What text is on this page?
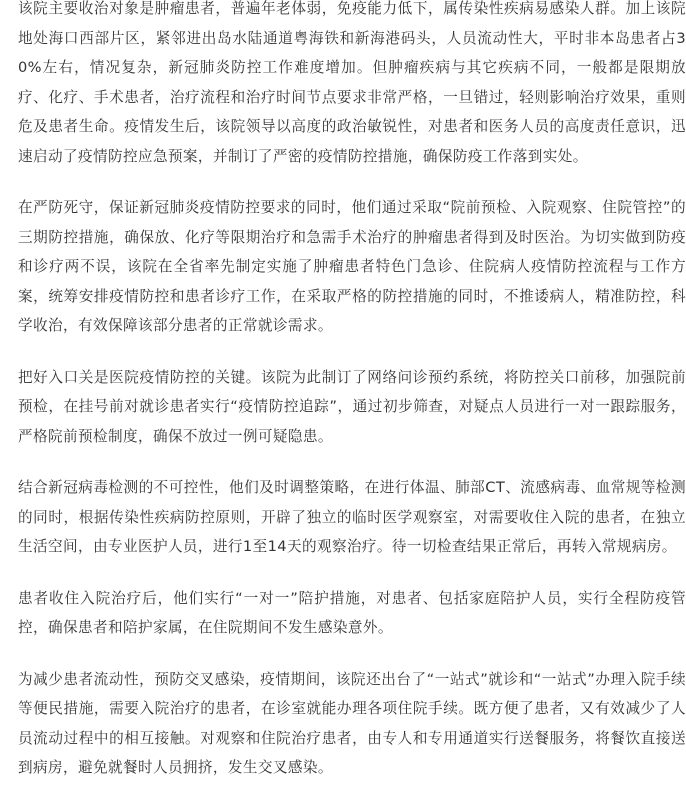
该院主要收治对象是肿瘤患者，普遍年老体弱，免疫能力低下，属传染性疾病易感染人群。加上该院地处海口西部片区，紧邻进出岛水陆通道粤海铁和新海港码头，人员流动性大，平时非本岛患者占30%左右，情况复杂，新冠肺炎防控工作难度增加。但肿瘤疾病与其它疾病不同，一般都是限期放疗、化疗、手术患者，治疗流程和治疗时间节点要求非常严格，一旦错过，轻则影响治疗效果，重则危及患者生命。疫情发生后，该院领导以高度的政治敏锐性，对患者和医务人员的高度责任意识，迅速启动了疫情防控应急预案，并制订了严密的疫情防控措施，确保防疫工作落到实处。

在严防死守，保证新冠肺炎疫情防控要求的同时，他们通过采取“院前预检、入院观察、住院管控”的三期防控措施，确保放、化疗等限期治疗和急需手术治疗的肿瘤患者得到及时医治。为切实做到防疫和诊疗两不误，该院在全省率先制定实施了肿瘤患者特色门急诊、住院病人疫情防控流程与工作方案，统筹安排疫情防控和患者诊疗工作，在采取严格的防控措施的同时，不推诿病人，精准防控，科学收治，有效保障该部分患者的正常就诊需求。

把好入口关是医院疫情防控的关键。该院为此制订了网络问诊预约系统，将防控关口前移，加强院前预检，在挂号前对就诊患者实行“疫情防控追踪”，通过初步筛查，对疑点人员进行一对一跟踪服务，严格院前预检制度，确保不放过一例可疑隐患。

结合新冠病毒检测的不可控性，他们及时调整策略，在进行体温、肺部CT、流感病毒、血常规等检测的同时，根据传染性疾病防控原则，开辟了独立的临时医学观察室，对需要收住入院的患者，在独立生活空间，由专业医护人员，进行1至14天的观察治疗。待一切检查结果正常后，再转入常规病房。

患者收住入院治疗后，他们实行“一对一”陪护措施，对患者、包括家庭陪护人员，实行全程防疫管控，确保患者和陪护家属，在住院期间不发生感染意外。

为减少患者流动性，预防交叉感染，疫情期间，该院还出台了“一站式”就诊和“一站式”办理入院手续等便民措施，需要入院治疗的患者，在诊室就能办理各项住院手续。既方便了患者，又有效减少了人员流动过程中的相互接触。对观察和住院治疗患者，由专人和专用通道实行送餐服务，将餐饮直接送到病房，避免就餐时人员拥挤，发生交叉感染。
